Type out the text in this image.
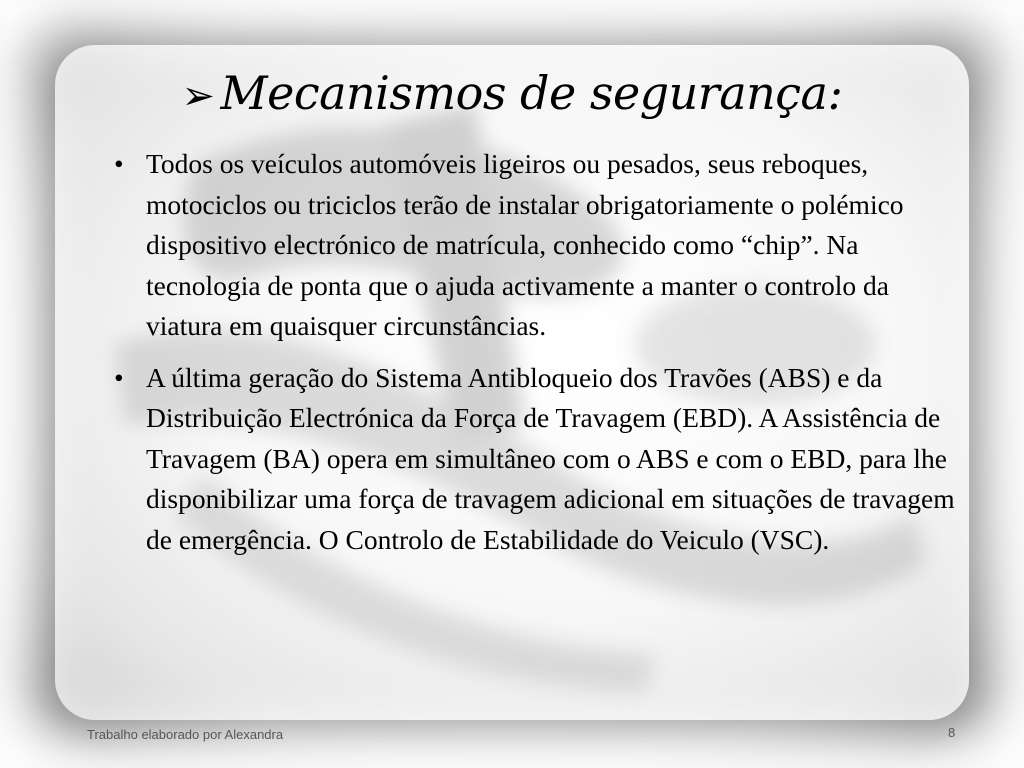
➢ Mecanismos de segurança:
• Todos os veículos automóveis ligeiros ou pesados, seus reboques, motociclos ou triciclos terão de instalar obrigatoriamente o polémico dispositivo electrónico de matrícula, conhecido como “chip”. Na tecnologia de ponta que o ajuda activamente a manter o controlo da viatura em quaisquer circunstâncias.
• A última geração do Sistema Antibloqueio dos Travões (ABS) e da Distribuição Electrónica da Força de Travagem (EBD). A Assistência de Travagem (BA) opera em simultâneo com o ABS e com o EBD, para lhe disponibilizar uma força de travagem adicional em situações de travagem de emergência. O Controlo de Estabilidade do Veiculo (VSC).
Trabalho elaborado por Alexandra	8
